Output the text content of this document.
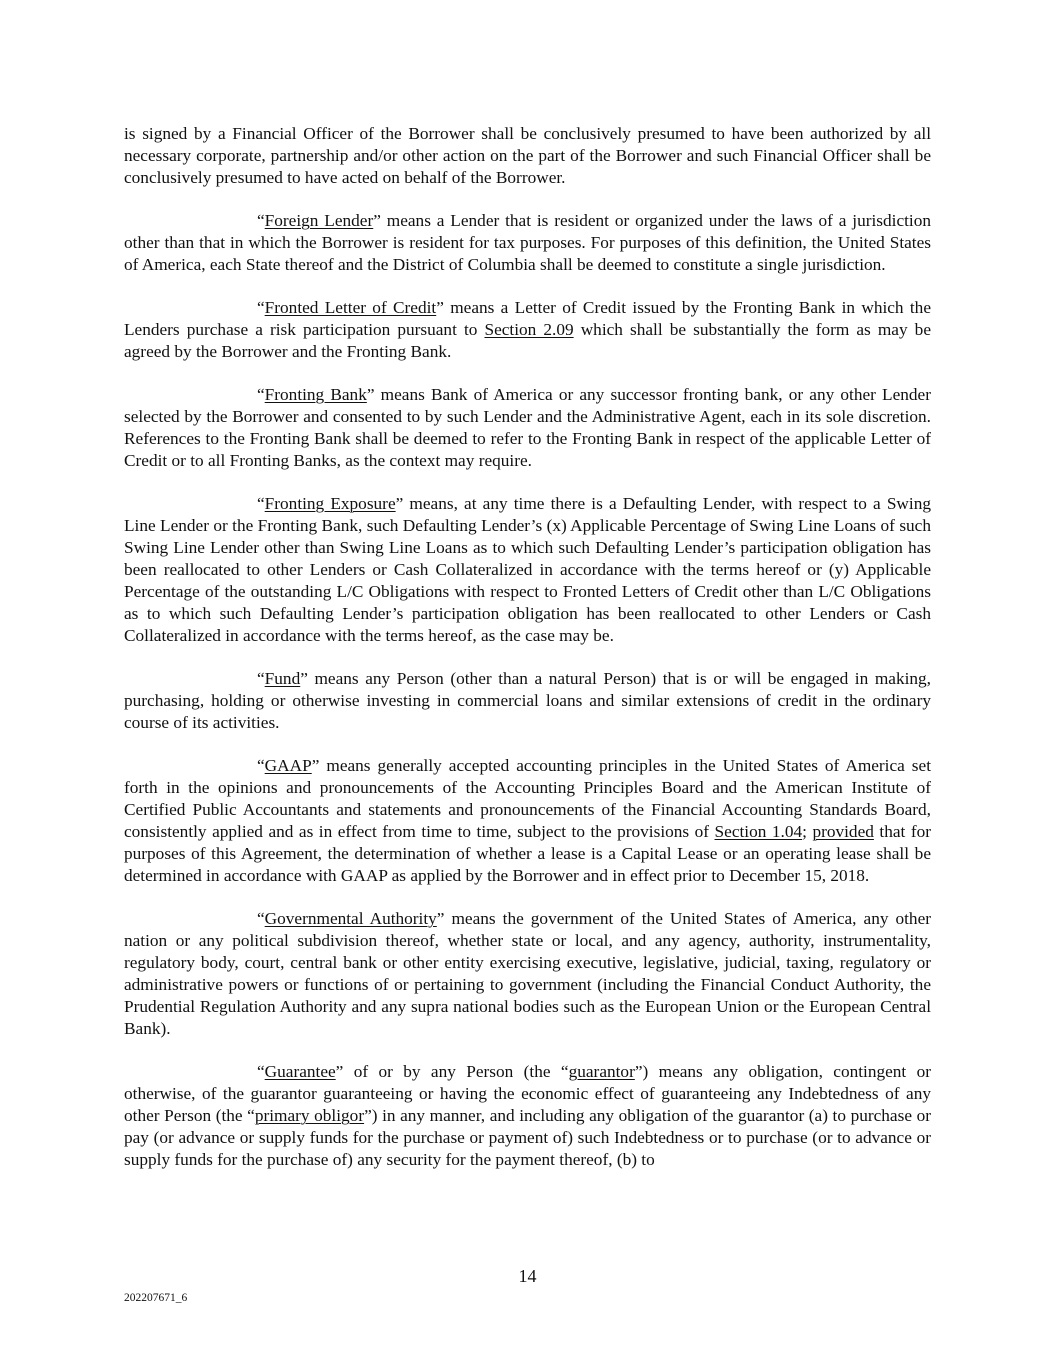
is signed by a Financial Officer of the Borrower shall be conclusively presumed to have been authorized by all necessary corporate, partnership and/or other action on the part of the Borrower and such Financial Officer shall be conclusively presumed to have acted on behalf of the Borrower.

“Foreign Lender” means a Lender that is resident or organized under the laws of a jurisdiction other than that in which the Borrower is resident for tax purposes. For purposes of this definition, the United States of America, each State thereof and the District of Columbia shall be deemed to constitute a single jurisdiction.

“Fronted Letter of Credit” means a Letter of Credit issued by the Fronting Bank in which the Lenders purchase a risk participation pursuant to Section 2.09 which shall be substantially the form as may be agreed by the Borrower and the Fronting Bank.

“Fronting Bank” means Bank of America or any successor fronting bank, or any other Lender selected by the Borrower and consented to by such Lender and the Administrative Agent, each in its sole discretion. References to the Fronting Bank shall be deemed to refer to the Fronting Bank in respect of the applicable Letter of Credit or to all Fronting Banks, as the context may require.

“Fronting Exposure” means, at any time there is a Defaulting Lender, with respect to a Swing Line Lender or the Fronting Bank, such Defaulting Lender’s (x) Applicable Percentage of Swing Line Loans of such Swing Line Lender other than Swing Line Loans as to which such Defaulting Lender’s participation obligation has been reallocated to other Lenders or Cash Collateralized in accordance with the terms hereof or (y) Applicable Percentage of the outstanding L/C Obligations with respect to Fronted Letters of Credit other than L/C Obligations as to which such Defaulting Lender’s participation obligation has been reallocated to other Lenders or Cash Collateralized in accordance with the terms hereof, as the case may be.

“Fund” means any Person (other than a natural Person) that is or will be engaged in making, purchasing, holding or otherwise investing in commercial loans and similar extensions of credit in the ordinary course of its activities.

“GAAP” means generally accepted accounting principles in the United States of America set forth in the opinions and pronouncements of the Accounting Principles Board and the American Institute of Certified Public Accountants and statements and pronouncements of the Financial Accounting Standards Board, consistently applied and as in effect from time to time, subject to the provisions of Section 1.04; provided that for purposes of this Agreement, the determination of whether a lease is a Capital Lease or an operating lease shall be determined in accordance with GAAP as applied by the Borrower and in effect prior to December 15, 2018.

“Governmental Authority” means the government of the United States of America, any other nation or any political subdivision thereof, whether state or local, and any agency, authority, instrumentality, regulatory body, court, central bank or other entity exercising executive, legislative, judicial, taxing, regulatory or administrative powers or functions of or pertaining to government (including the Financial Conduct Authority, the Prudential Regulation Authority and any supra national bodies such as the European Union or the European Central Bank).

“Guarantee” of or by any Person (the “guarantor”) means any obligation, contingent or otherwise, of the guarantor guaranteeing or having the economic effect of guaranteeing any Indebtedness of any other Person (the “primary obligor”) in any manner, and including any obligation of the guarantor (a) to purchase or pay (or advance or supply funds for the purchase or payment of) such Indebtedness or to purchase (or to advance or supply funds for the purchase of) any security for the payment thereof, (b) to

14
202207671_6
